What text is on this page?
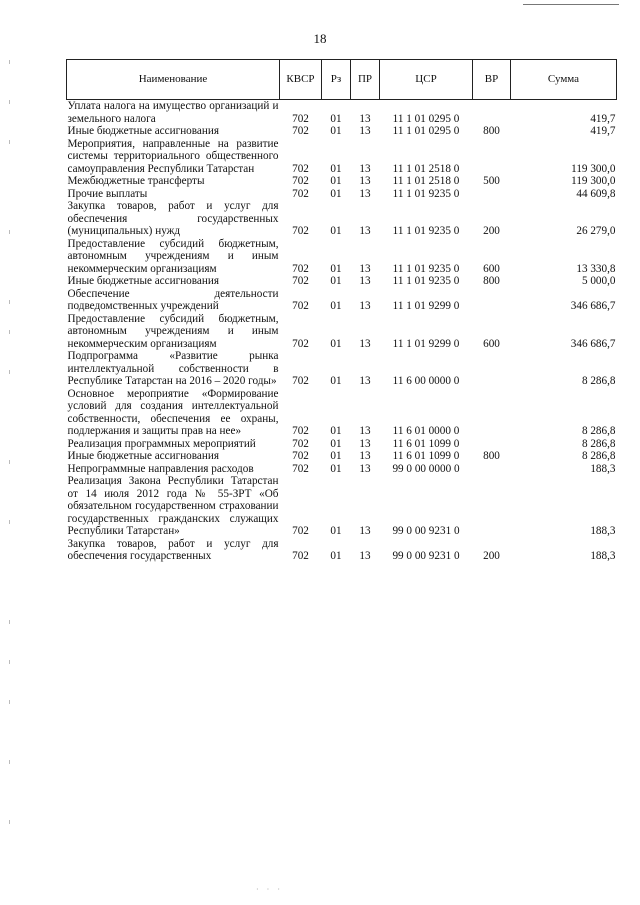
18
Наименование	КВСР	Рз	ПР	ЦСР	ВР	Сумма
Уплата налога на имущество организаций и земельного налога	702	01	13	11 1 01 0295 0		419,7
Иные бюджетные ассигнования	702	01	13	11 1 01 0295 0	800	419,7
Мероприятия, направленные на развитие системы территориального общественного самоуправления Республики Татарстан	702	01	13	11 1 01 2518 0		119 300,0
Межбюджетные трансферты	702	01	13	11 1 01 2518 0	500	119 300,0
Прочие выплаты	702	01	13	11 1 01 9235 0		44 609,8
Закупка товаров, работ и услуг для обеспечения государственных (муниципальных) нужд	702	01	13	11 1 01 9235 0	200	26 279,0
Предоставление субсидий бюджетным, автономным учреждениям и иным некоммерческим организациям	702	01	13	11 1 01 9235 0	600	13 330,8
Иные бюджетные ассигнования	702	01	13	11 1 01 9235 0	800	5 000,0
Обеспечение деятельности подведомственных учреждений	702	01	13	11 1 01 9299 0		346 686,7
Предоставление субсидий бюджетным, автономным учреждениям и иным некоммерческим организациям	702	01	13	11 1 01 9299 0	600	346 686,7
Подпрограмма «Развитие рынка интеллектуальной собственности в Республике Татарстан на 2016 – 2020 годы»	702	01	13	11 6 00 0000 0		8 286,8
Основное мероприятие «Формирование условий для создания интеллектуальной собственности, обеспечения ее охраны, подлержания и защиты прав на нее»	702	01	13	11 6 01 0000 0		8 286,8
Реализация программных мероприятий	702	01	13	11 6 01 1099 0		8 286,8
Иные бюджетные ассигнования	702	01	13	11 6 01 1099 0	800	8 286,8
Непрограммные направления расходов	702	01	13	99 0 00 0000 0		188,3
Реализация Закона Республики Татарстан от 14 июля 2012 года № 55-ЗРТ «Об обязательном государственном страховании государственных гражданских служащих Республики Татарстан»	702	01	13	99 0 00 9231 0		188,3
Закупка товаров, работ и услуг для обеспечения государственных	702	01	13	99 0 00 9231 0	200	188,3
· · ·
